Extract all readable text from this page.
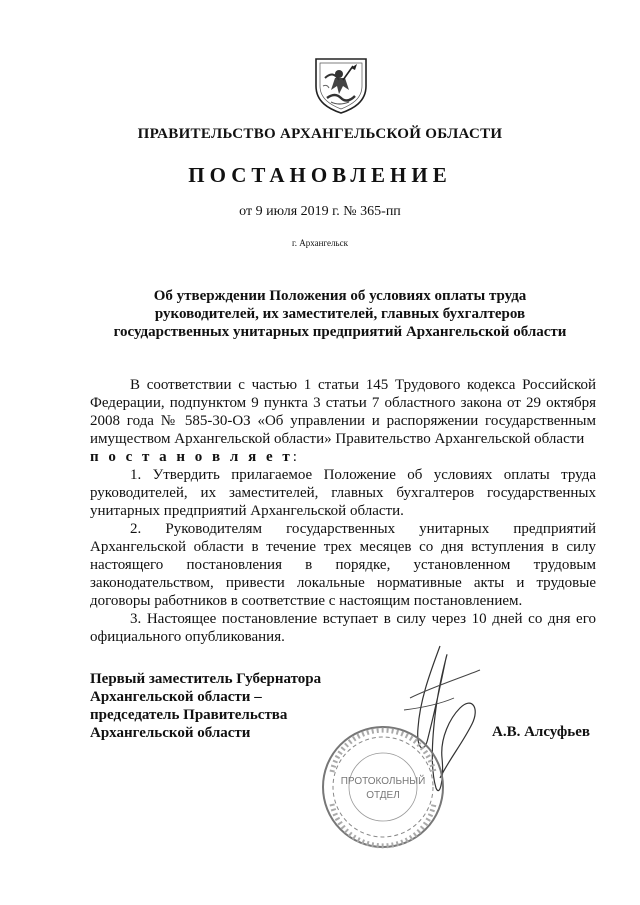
ПРАВИТЕЛЬСТВО АРХАНГЕЛЬСКОЙ ОБЛАСТИ
ПОСТАНОВЛЕНИЕ
от 9 июля 2019 г. № 365-пп
г. Архангельск
Об утверждении Положения об условиях оплаты труда
руководителей, их заместителей, главных бухгалтеров
государственных унитарных предприятий Архангельской области

В соответствии с частью 1 статьи 145 Трудового кодекса Российской Федерации, подпунктом 9 пункта 3 статьи 7 областного закона от 29 октября 2008 года № 585-30-ОЗ «Об управлении и распоряжении государственным имуществом Архангельской области» Правительство Архангельской области

п о с т а н о в л я е т:

1. Утвердить прилагаемое Положение об условиях оплаты труда руководителей, их заместителей, главных бухгалтеров государственных унитарных предприятий Архангельской области.

2. Руководителям государственных унитарных предприятий Архангельской области в течение трех месяцев со дня вступления в силу настоящего постановления в порядке, установленном трудовым законодательством, привести локальные нормативные акты и трудовые договоры работников в соответствие с настоящим постановлением.

3. Настоящее постановление вступает в силу через 10 дней со дня его официального опубликования.

ПРОТОКОЛЬНЫЙ
ОТДЕЛ
Первый заместитель Губернатора
Архангельской области –
председатель Правительства
Архангельской области	А.В. Алсуфьев
